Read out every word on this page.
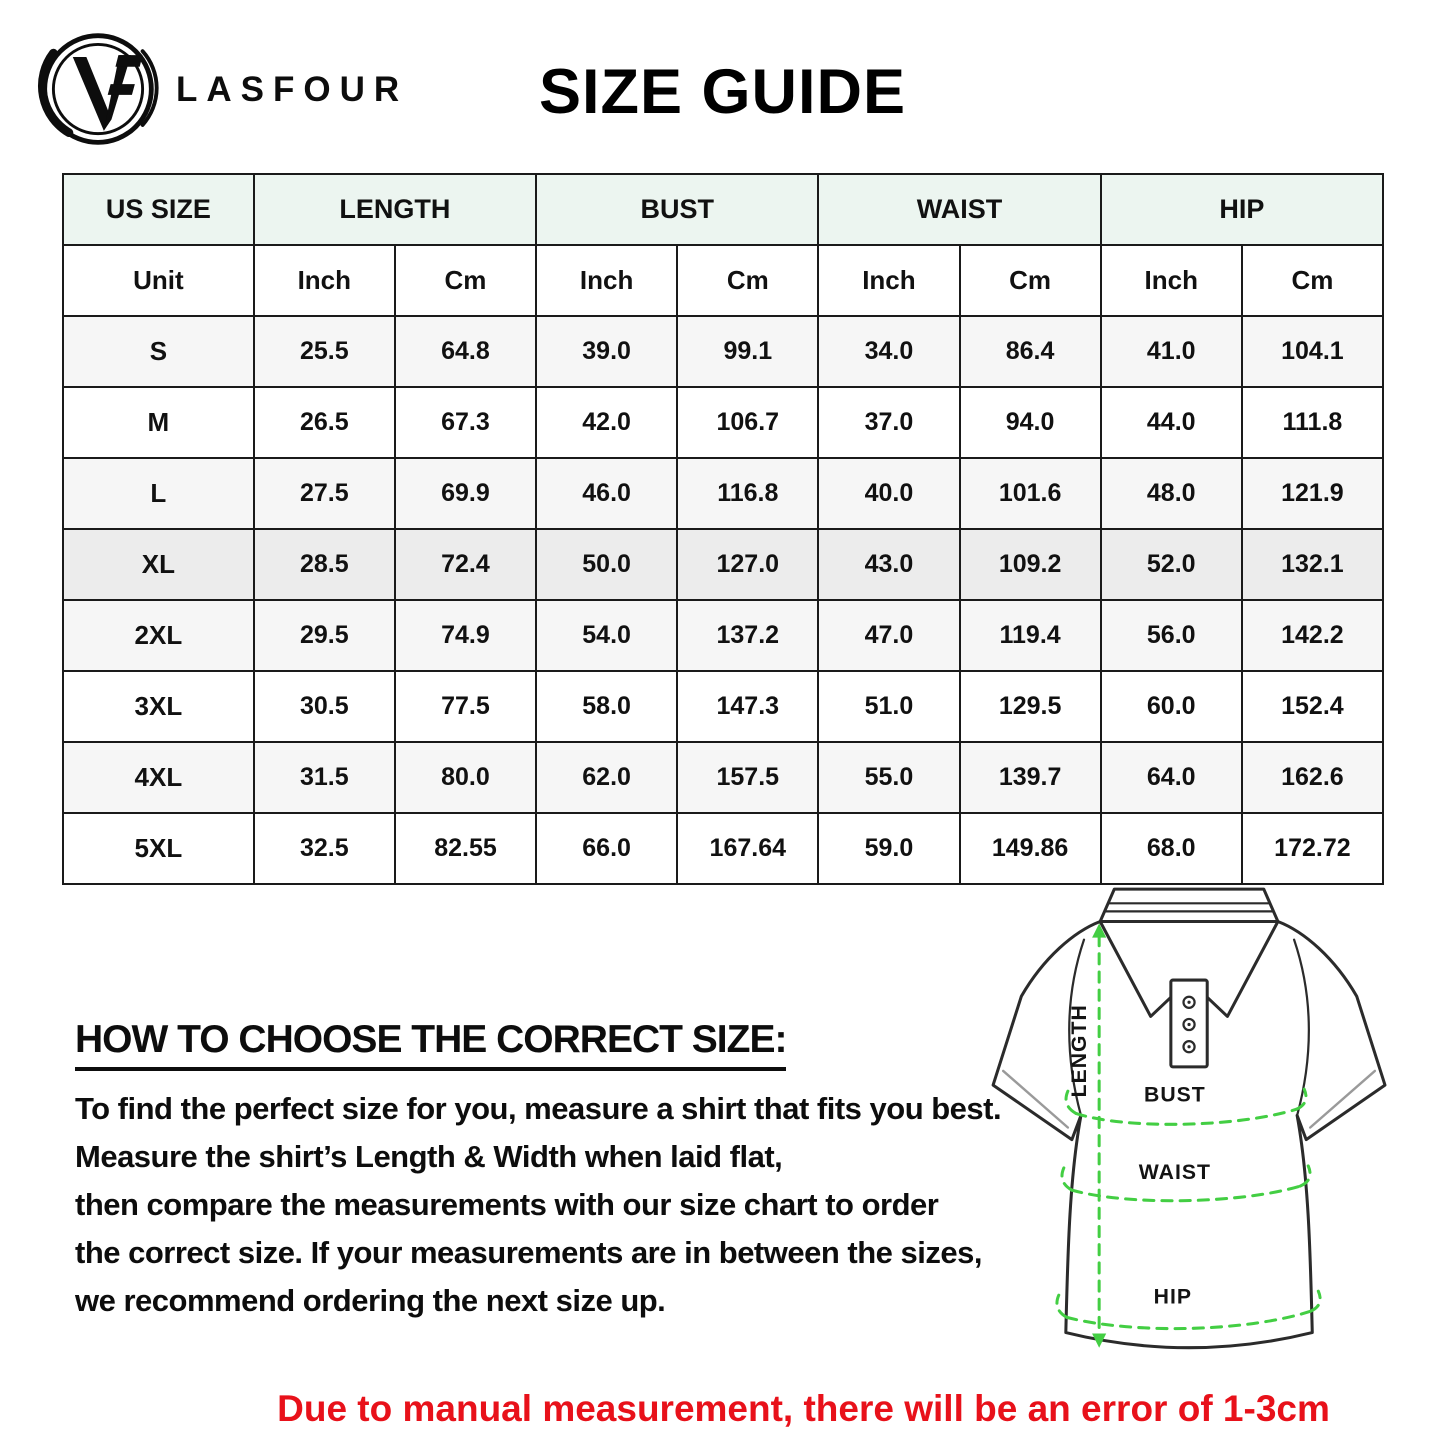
LASFOUR	SIZE GUIDE
US SIZE	LENGTH		BUST		WAIST		HIP	
Unit	Inch	Cm	Inch	Cm	Inch	Cm	Inch	Cm
S	25.5	64.8	39.0	99.1	34.0	86.4	41.0	104.1
M	26.5	67.3	42.0	106.7	37.0	94.0	44.0	111.8
L	27.5	69.9	46.0	116.8	40.0	101.6	48.0	121.9
XL	28.5	72.4	50.0	127.0	43.0	109.2	52.0	132.1
2XL	29.5	74.9	54.0	137.2	47.0	119.4	56.0	142.2
3XL	30.5	77.5	58.0	147.3	51.0	129.5	60.0	152.4
4XL	31.5	80.0	62.0	157.5	55.0	139.7	64.0	162.6
5XL	32.5	82.55	66.0	167.64	59.0	149.86	68.0	172.72
HOW TO CHOOSE THE CORRECT SIZE:
To find the perfect size for you, measure a shirt that fits you best.
Measure the shirt’s Length & Width when laid flat,
then compare the measurements with our size chart to order
the correct size. If your measurements are in between the sizes,
we recommend ordering the next size up.
LENGTH	BUST
WAIST
HIP
Due to manual measurement, there will be an error of 1-3cm
